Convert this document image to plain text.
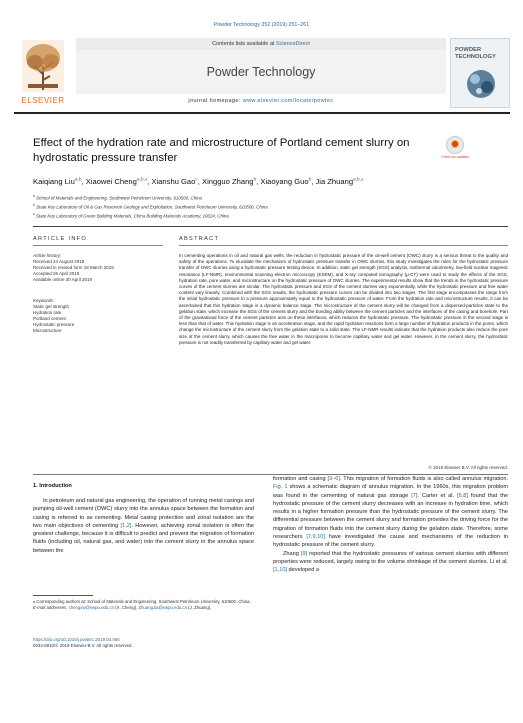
Powder Technology 352 (2019) 251–261
ELSEVIER
Contents lists available at ScienceDirect
Powder Technology
journal homepage: www.elsevier.com/locate/powtec
POWDER TECHNOLOGY
Effect of the hydration rate and microstructure of Portland cement slurry on hydrostatic pressure transfer	Check for updates
Kaiqiang Liu$^{a,b}$, Xiaowei Cheng$^{a,b,⁎}$, Xianshu Gao$^c$, Xingguo Zhang$^b$, Xiaoyang Guo$^b$, Jia Zhuang$^{a,b,⁎}$
$^a$ School of Materials and Engineering, Southwest Petroleum University, 610500, China
$^b$ State Key Laboratory of Oil & Gas Reservoir Geology and Exploitation, Southwest Petroleum University, 610500, China
$^c$ State Key Laboratory of Green Building Materials, China Building Materials Academy, 10024, China
ARTICLE INFO	ABSTRACT
Article history:
Received 24 August 2018
Received in revised form 18 March 2019
Accepted 26 April 2019
Available online 30 April 2019
Keywords:
Static gel strength
Hydration rate
Portland cement
Hydrostatic pressure
Microstructure
In cementing operations in oil and natural gas wells, the reduction in hydrostatic pressure of the oil-well cement (OWC) slurry is a serious threat to the quality and safety of the operations. To elucidate the mechanism of hydrostatic pressure transfer in OWC slurries, this study investigates the rules for the hydrostatic pressure transfer of OWC slurries using a hydrostatic pressure testing device. In addition, static gel strength (SGS) analysis, isothermal calorimetry, low-field nuclear magnetic resonance (LF-NMR), environmental scanning electron microscopy (ESEM), and X-ray computed tomography (μ-CT) were used to study the effects of the SGS, hydration rate, pore water, and microstructure on the hydrostatic pressure of OWC slurries. The experimental results show that the trends in the hydrostatic pressure curves of the cement slurries are similar. The hydrostatic pressure and SGS of the cement slurries vary exponentially, while the hydrostatic pressure and free water content vary linearly. Combined with the SGS results, the hydrostatic pressure curves can be divided into two stages. The first stage encompasses the range from the initial hydrostatic pressure to a pressure approximately equal to the hydrostatic pressure of water. From the hydration rate and microstructure results, it can be ascertained that this hydration stage is a dynamic balance stage. The microstructure of the cement slurry will be changed from a dispersed-particles state to the gelation state, which increase the SGS of the cement slurry and the bonding ability between the cement particles and the interfaces of the casing and borehole. Part of the gravitational force of the cement particles acts on these interfaces, which reduces the hydrostatic pressure. The hydrostatic pressure in the second stage is less than that of water. This hydration stage is an acceleration stage, and the rapid hydration reactions form a large number of hydration products in the pores, which change the microstructure of the cement slurry from the gelation state to a solid state. The LF-NMR results indicate that the hydration products also reduce the pore size of the cement slurry, which causes the free water in the macropores to become capillary water and gel water. However, in the cement slurry, the hydrostatic pressure is not readily transferred by capillary water and gel water.
© 2019 Elsevier B.V. All rights reserved.
1. Introduction

In petroleum and natural gas engineering, the operation of running metal casings and pumping oil-well cement (OWC) slurry into the annulus space between the formation and casing is referred to as cementing. Metal casing protection and zonal isolation are the two main objectives of cementing [1,2]. However, achieving zonal isolation is often the greatest challenge, because it is difficult to predict and prevent the migration of formation fluids (including oil, natural gas, and water) into the cement slurry in the annulus space between the

formation and casing [3–6]. This migration of formation fluids is also called annulus migration. Fig. 1 shows a schematic diagram of annulus migration. In the 1960s, this migration problem was found in the cementing of natural gas storage [7]. Carter et al. [5,8] found that the hydrostatic pressure of the cement slurry decreases with an increase in hydration time, which results in a higher formation pressure than the hydrostatic pressure of the cement slurry. The differential pressure between the cement slurry and formation provides the driving force for the migration of formation fluids into the cement slurry during the gelation state. Therefore, some researchers [7,9,10] have investigated the cause and mechanisms of the reduction in hydrostatic pressure of the cement slurry.

Zhang [9] reported that the hydrostatic pressures of various cement slurries with different properties were reduced, largely owing to the volume shrinkage of the cement slurries. Li et al. [1,10] developed a

⁎ Corresponding authors at: School of Materials and Engineering, Southwest Petroleum University, 610500, China.
E-mail addresses: chengxw@swpu.edu.cn (X. Cheng), ZhuangJia@swpu.edu.cn (J. Zhuang).
https://doi.org/10.1016/j.powtec.2019.04.066
0032-5910/© 2019 Elsevier B.V. All rights reserved.
